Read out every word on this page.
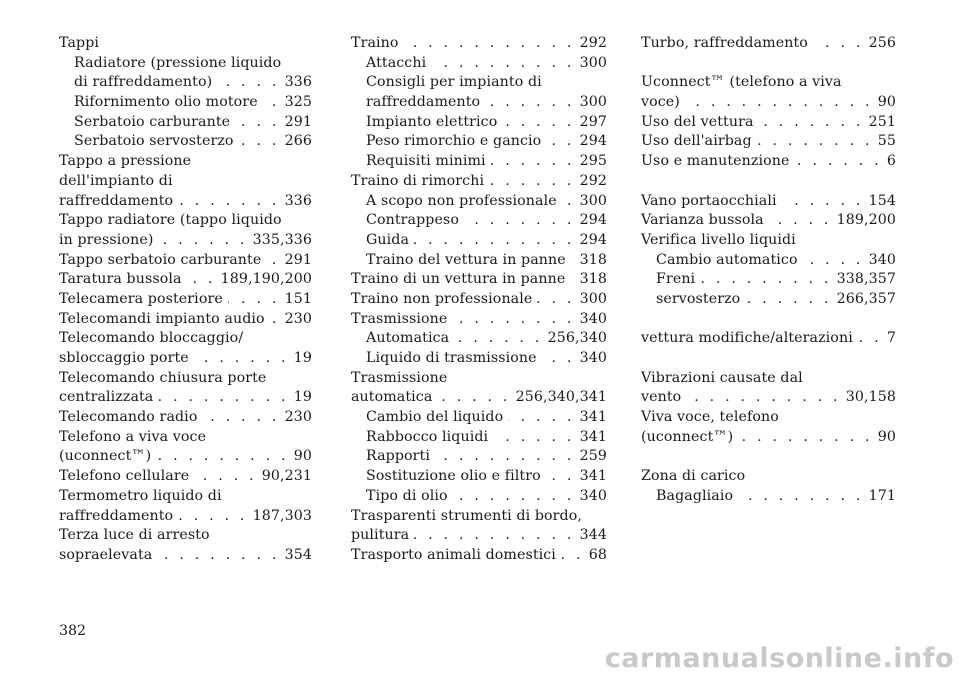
Tappi
Radiatore (pressione liquido
di raffreddamento) . . .	336
Rifornimento olio motore . . . 325
Serbatoio carburante . . .	291
Serbatoio servosterzo . . .	266
Tappo a pressione
dell'impianto di
raffreddamento . . .	336
Tappo radiatore (tappo liquido
in pressione) . . .	335,336
Tappo serbatoio carburante . . . 291
Taratura bussola . . .	189,190,200
Telecamera posteriore . . .	151
Telecomandi impianto audio . . . 230
Telecomando bloccaggio/
sbloccaggio porte . . .	19
Telecomando chiusura porte
centralizzata . . .	19
Telecomando radio . . .	230
Telefono a viva voce
(uconnect™) . . .	90
Telefono cellulare . . .	90,231
Termometro liquido di
raffreddamento . . .	187,303
Terza luce di arresto
sopraelevata . . .	354
Traino . . .	292
Attacchi . . .	300
Consigli per impianto di
raffreddamento . . .	300
Impianto elettrico . . .	297
Peso rimorchio e gancio . . .	294
Requisiti minimi . . .	295
Traino di rimorchi . . .	292
A scopo non professionale . . . 300
Contrappeso . . .	294
Guida . . .	294
Traino del vettura in panne . . . 318
Traino di un vettura in panne . . . 318
Traino non professionale . . .	300
Trasmissione . . .	340
Automatica . . .	256,340
Liquido di trasmissione . . .	340
Trasmissione
automatica . . .	256,340,341
Cambio del liquido . . .	341
Rabbocco liquidi . . .	341
Rapporti . . .	259
Sostituzione olio e filtro . . .	341
Tipo di olio . . .	340
Trasparenti strumenti di bordo,
pulitura . . .	344
Trasporto animali domestici . . . 68
Turbo, raffreddamento . . .	256
Uconnect™ (telefono a viva
voce) . . .	90
Uso del vettura . . .	251
Uso dell'airbag . . .	55
Uso e manutenzione . . .	6
Vano portaocchiali . . .	154
Varianza bussola . . .	189,200
Verifica livello liquidi
Cambio automatico . . .	340
Freni . . .	338,357
servosterzo . . .	266,357
vettura modifiche/alterazioni . . . 7
Vibrazioni causate dal
vento . . .	30,158
Viva voce, telefono
(uconnect™) . . .	90
Zona di carico
Bagagliaio . . .	171
382
carmanualsonline.info
